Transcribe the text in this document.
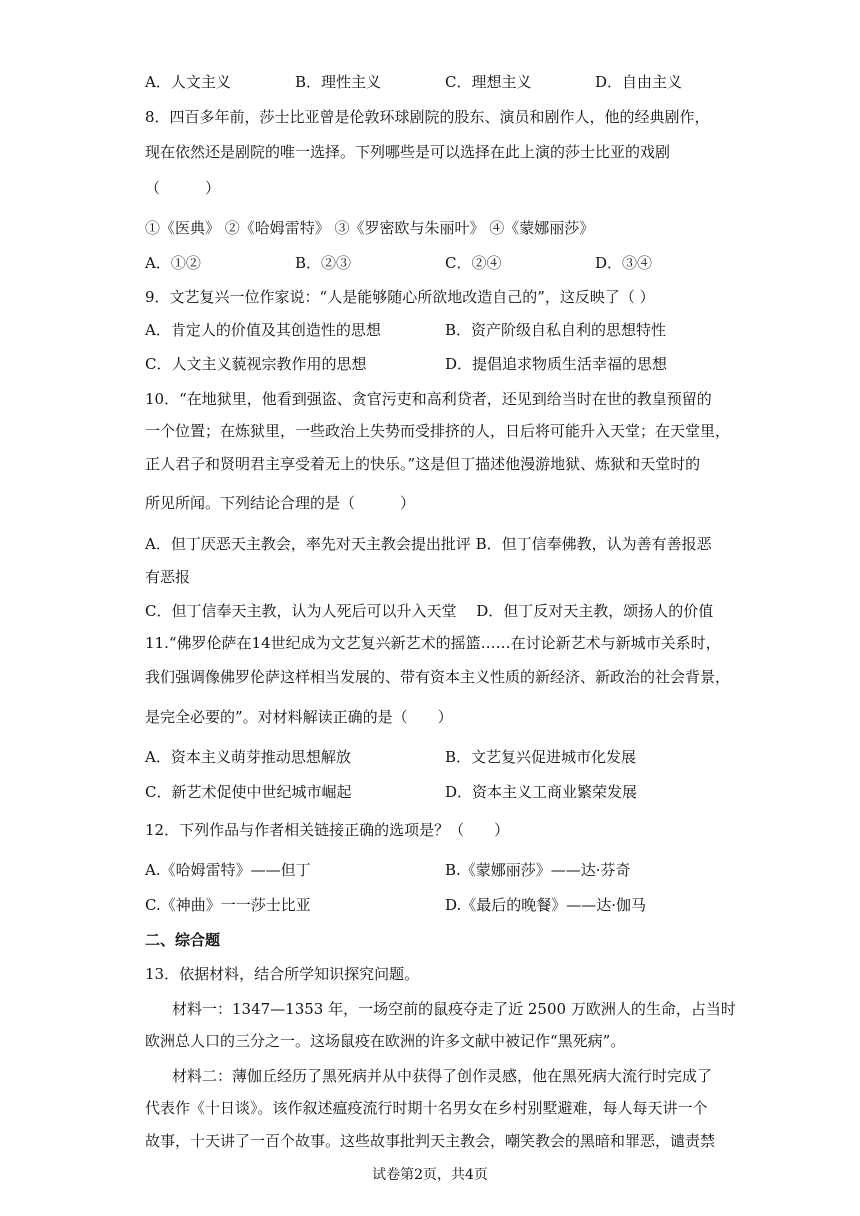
A．人文主义	B．理性主义	C．理想主义	D．自由主义
8．四百多年前，莎士比亚曾是伦敦环球剧院的股东、演员和剧作人，他的经典剧作，
现在依然还是剧院的唯一选择。下列哪些是可以选择在此上演的莎士比亚的戏剧
（　　　）
①《医典》 ②《哈姆雷特》 ③《罗密欧与朱丽叶》 ④《蒙娜丽莎》
A．①②	B．②③	C．②④	D．③④
9．文艺复兴一位作家说：“人是能够随心所欲地改造自己的”，这反映了（ ）
A．肯定人的价值及其创造性的思想	B．资产阶级自私自利的思想特性
C．人文主义藐视宗教作用的思想	D．提倡追求物质生活幸福的思想
10．“在地狱里，他看到强盗、贪官污吏和高利贷者，还见到给当时在世的教皇预留的
一个位置；在炼狱里，一些政治上失势而受排挤的人，日后将可能升入天堂；在天堂里，
正人君子和贤明君主享受着无上的快乐。”这是但丁描述他漫游地狱、炼狱和天堂时的
所见所闻。下列结论合理的是（　　　）
A．但丁厌恶天主教会，率先对天主教会提出批评 B．但丁信奉佛教，认为善有善报恶
有恶报
C．但丁信奉天主教，认为人死后可以升入天堂　 D．但丁反对天主教，颂扬人的价值
11.“佛罗伦萨在14世纪成为文艺复兴新艺术的摇篮……在讨论新艺术与新城市关系时，
我们强调像佛罗伦萨这样相当发展的、带有资本主义性质的新经济、新政治的社会背景，
是完全必要的”。对材料解读正确的是（　　）
A．资本主义萌芽推动思想解放	B．文艺复兴促进城市化发展
C．新艺术促使中世纪城市崛起	D．资本主义工商业繁荣发展
12．下列作品与作者相关链接正确的选项是？（　　）
A.《哈姆雷特》——但丁	B.《蒙娜丽莎》——达·芬奇
C.《神曲》一一莎士比亚	D.《最后的晚餐》——达·伽马
二、综合题
13．依据材料，结合所学知识探究问题。
材料一：1347—1353 年，一场空前的鼠疫夺走了近 2500 万欧洲人的生命，占当时
欧洲总人口的三分之一。这场鼠疫在欧洲的许多文献中被记作“黑死病”。
材料二：薄伽丘经历了黑死病并从中获得了创作灵感，他在黑死病大流行时完成了
代表作《十日谈》。该作叙述瘟疫流行时期十名男女在乡村别墅避难，每人每天讲一个
故事，十天讲了一百个故事。这些故事批判天主教会，嘲笑教会的黑暗和罪恶，谴责禁
试卷第2页，共4页
